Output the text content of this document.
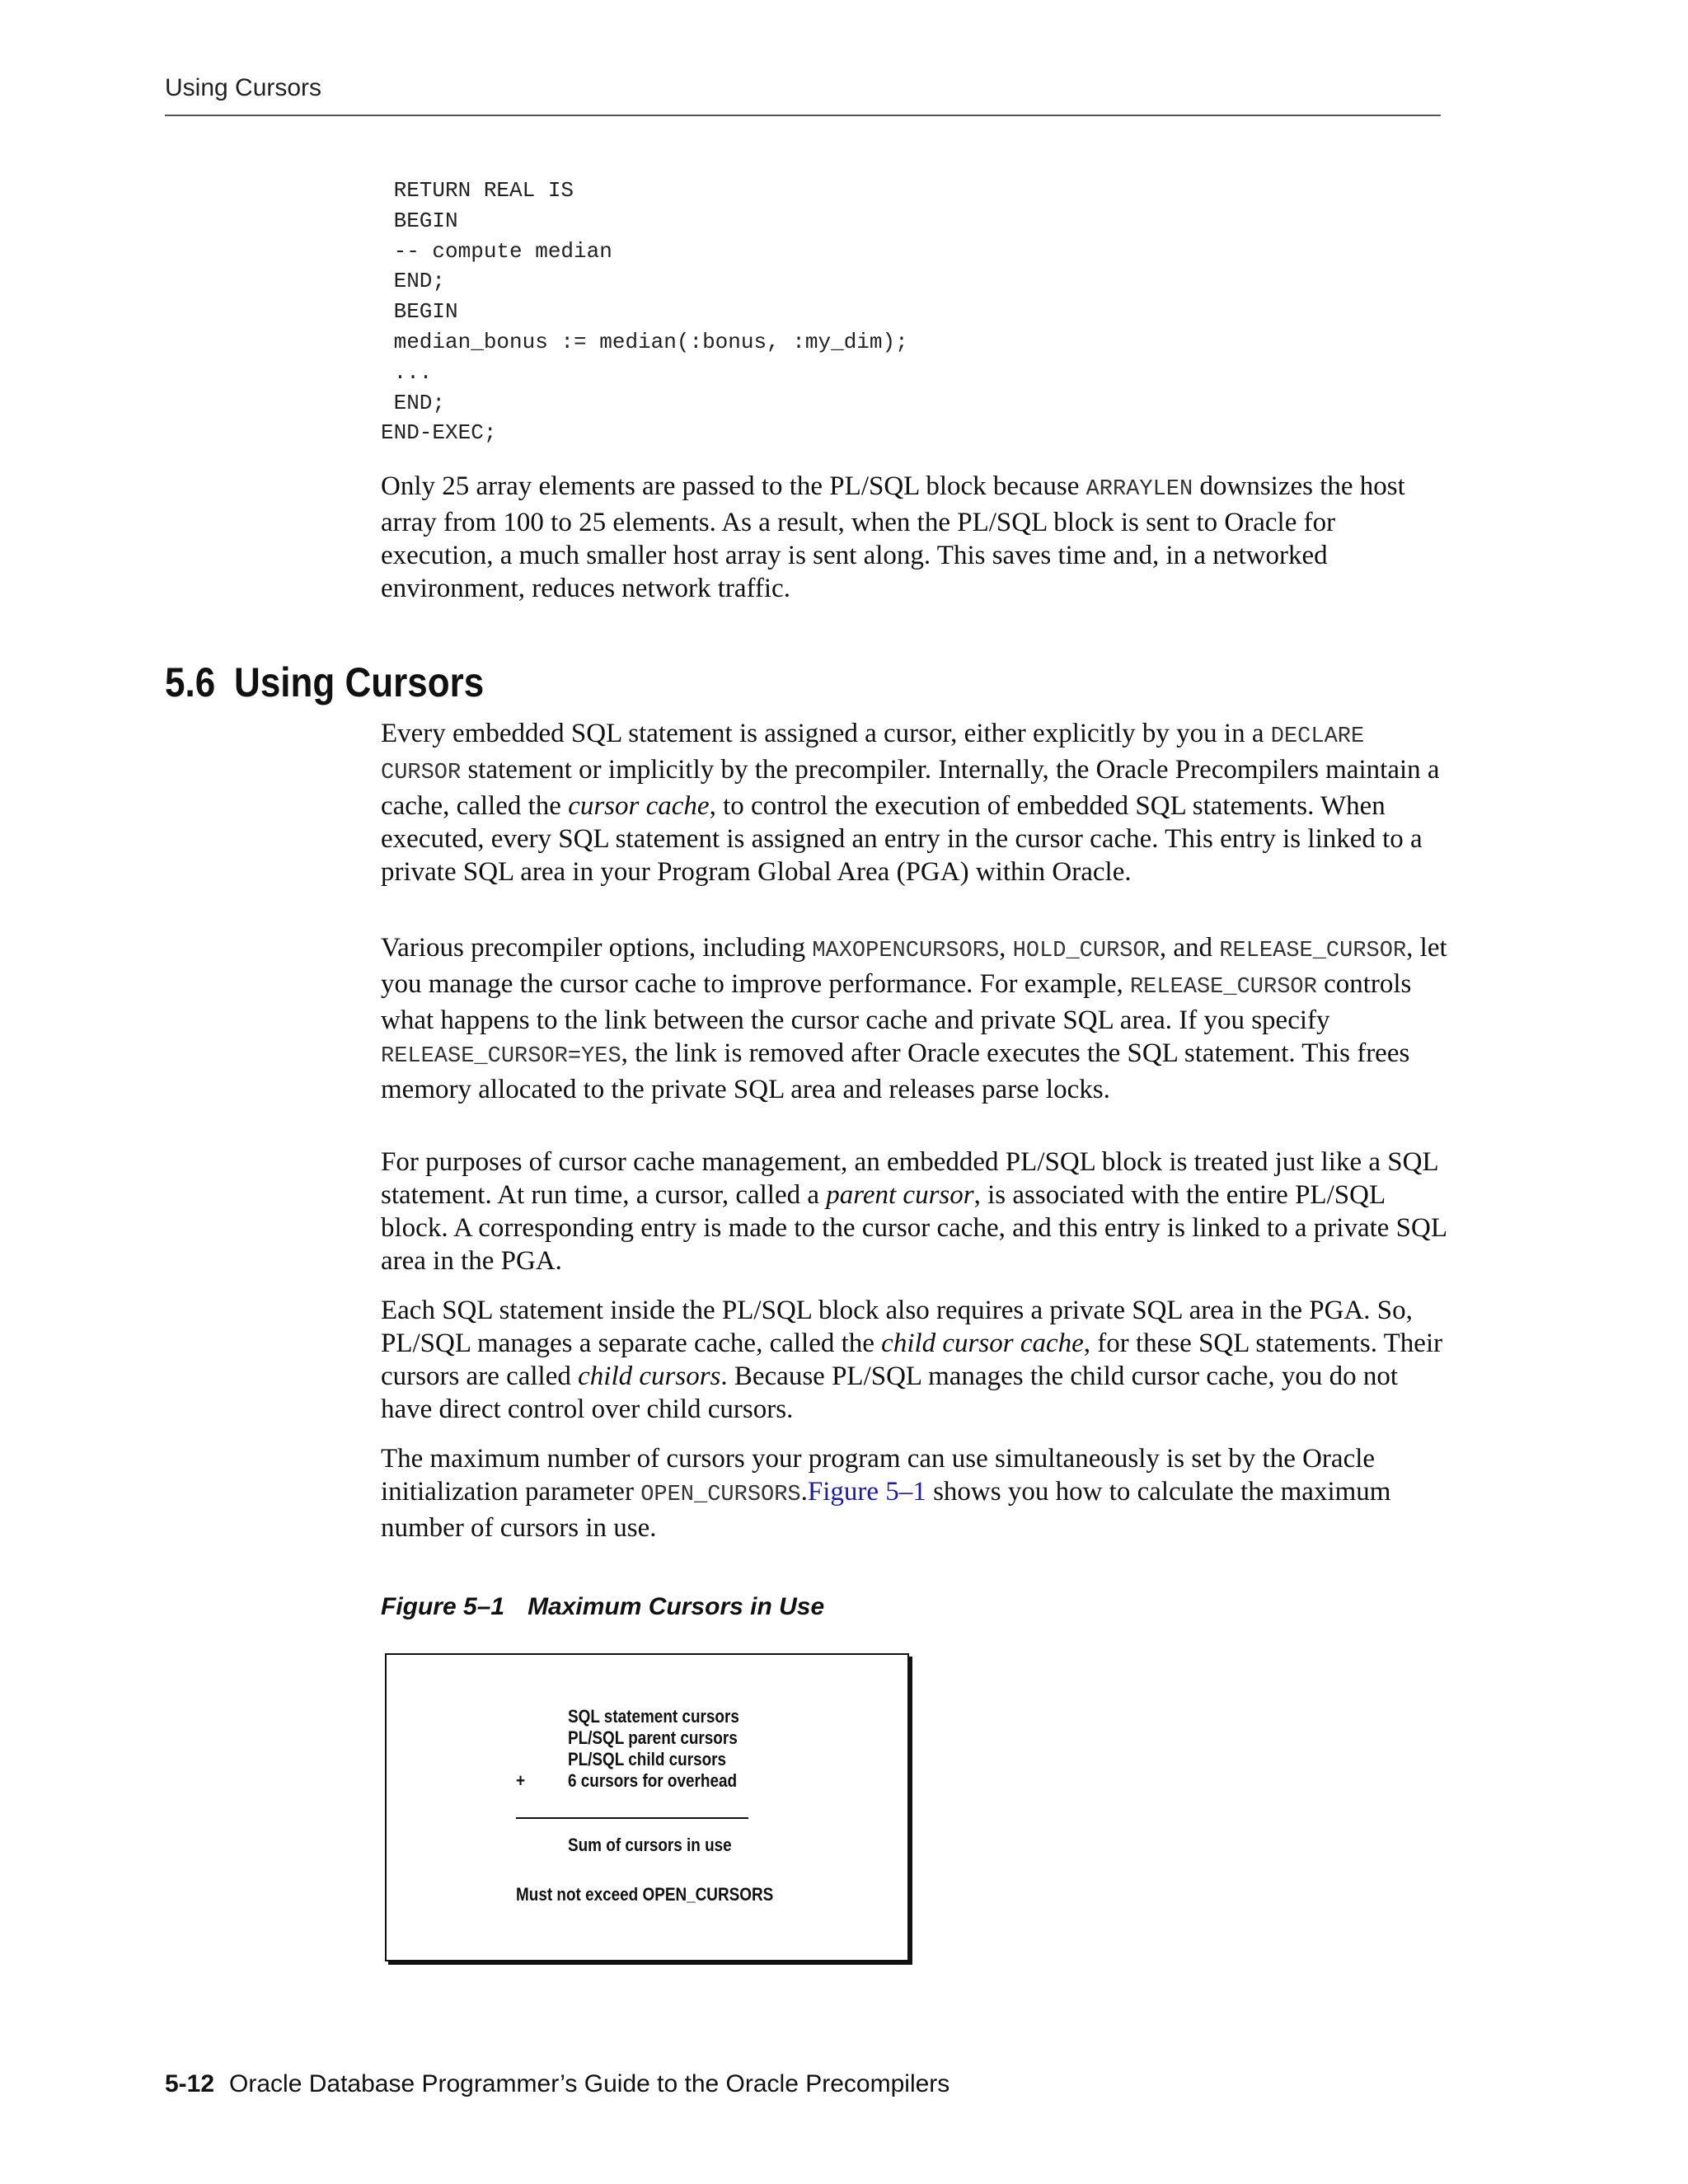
Using Cursors
RETURN REAL IS
BEGIN
-- compute median
END;
BEGIN
median_bonus := median(:bonus, :my_dim);
...
END;
END-EXEC;

Only 25 array elements are passed to the PL/SQL block because ARRAYLEN downsizes the host array from 100 to 25 elements. As a result, when the PL/SQL block is sent to Oracle for execution, a much smaller host array is sent along. This saves time and, in a networked environment, reduces network traffic.

5.6 Using Cursors

Every embedded SQL statement is assigned a cursor, either explicitly by you in a DECLARE CURSOR statement or implicitly by the precompiler. Internally, the Oracle Precompilers maintain a cache, called the cursor cache, to control the execution of embedded SQL statements. When executed, every SQL statement is assigned an entry in the cursor cache. This entry is linked to a private SQL area in your Program Global Area (PGA) within Oracle.

Various precompiler options, including MAXOPENCURSORS, HOLD_CURSOR, and RELEASE_CURSOR, let you manage the cursor cache to improve performance. For example, RELEASE_CURSOR controls what happens to the link between the cursor cache and private SQL area. If you specify RELEASE_CURSOR=YES, the link is removed after Oracle executes the SQL statement. This frees memory allocated to the private SQL area and releases parse locks.

For purposes of cursor cache management, an embedded PL/SQL block is treated just like a SQL statement. At run time, a cursor, called a parent cursor, is associated with the entire PL/SQL block. A corresponding entry is made to the cursor cache, and this entry is linked to a private SQL area in the PGA.

Each SQL statement inside the PL/SQL block also requires a private SQL area in the PGA. So, PL/SQL manages a separate cache, called the child cursor cache, for these SQL statements. Their cursors are called child cursors. Because PL/SQL manages the child cursor cache, you do not have direct control over child cursors.

The maximum number of cursors your program can use simultaneously is set by the Oracle initialization parameter OPEN_CURSORS.Figure 5–1 shows you how to calculate the maximum number of cursors in use.

Figure 5–1 Maximum Cursors in Use
SQL statement cursors
PL/SQL parent cursors
PL/SQL child cursors
+ 6 cursors for overhead
Sum of cursors in use
Must not exceed OPEN_CURSORS
5-12 Oracle Database Programmer’s Guide to the Oracle Precompilers
